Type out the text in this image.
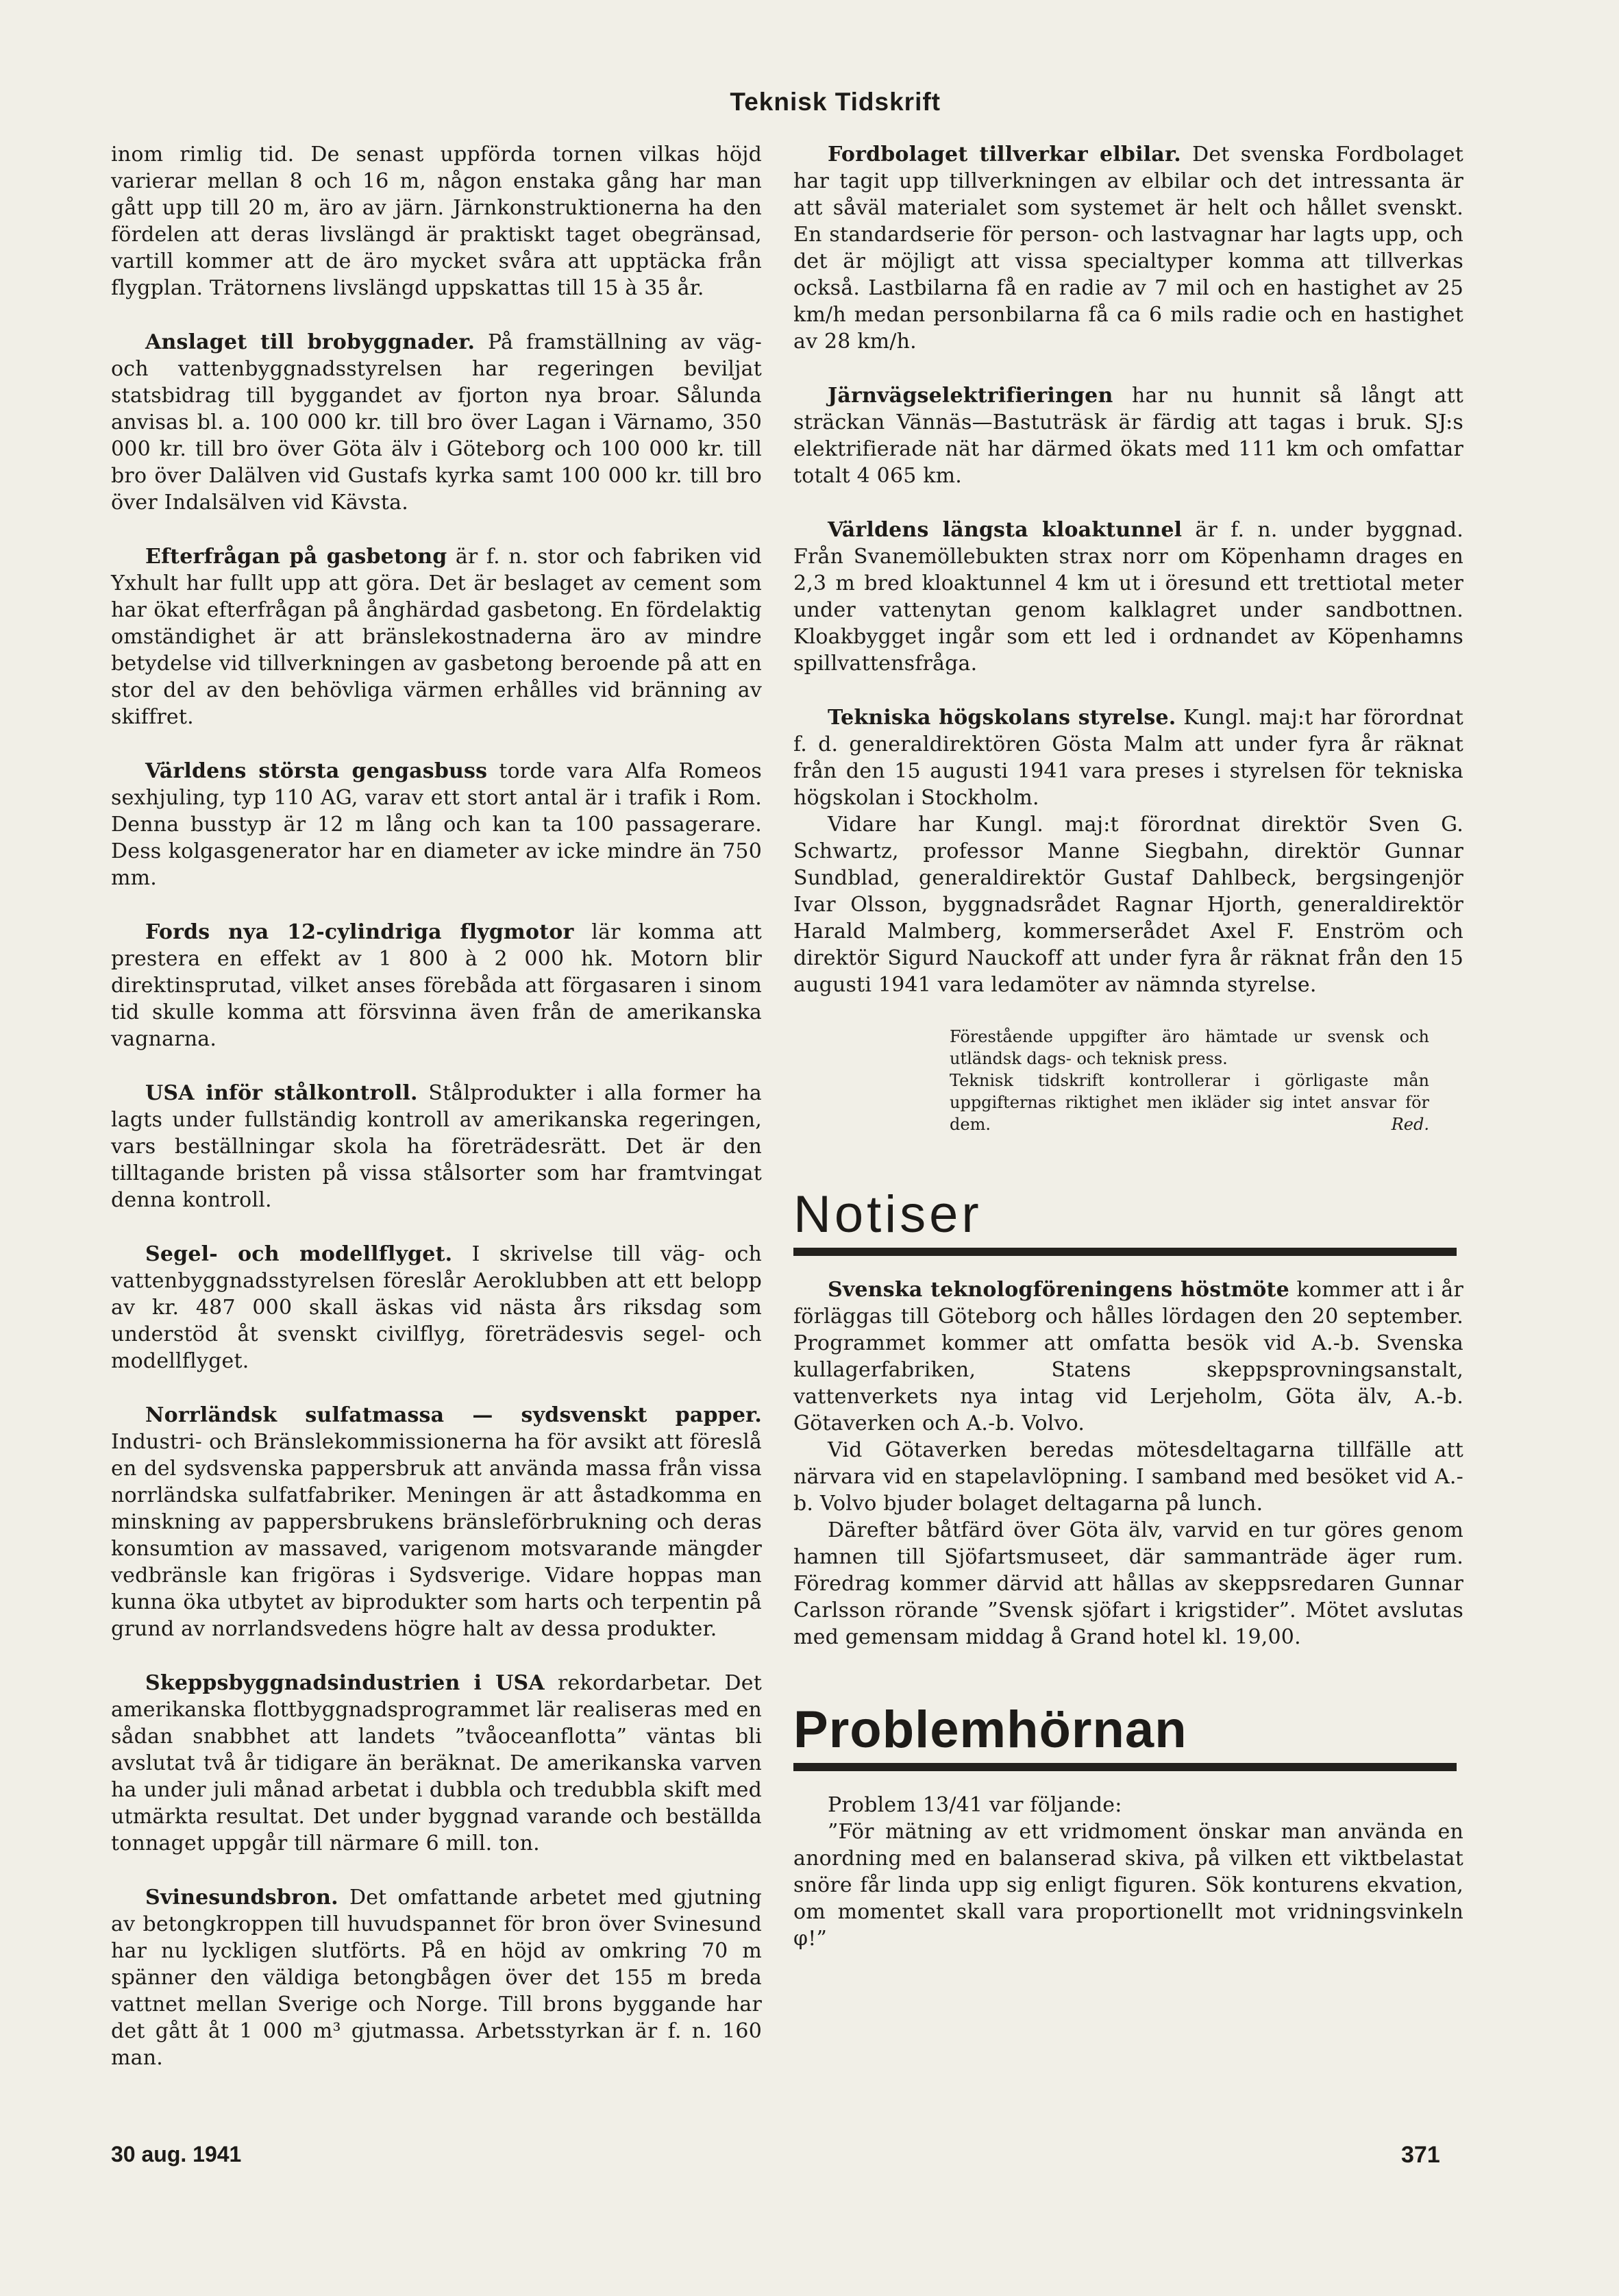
Teknisk Tidskrift

inom rimlig tid. De senast uppförda tornen vilkas höjd varierar mellan 8 och 16 m, någon enstaka gång har man gått upp till 20 m, äro av järn. Järnkonstruktionerna ha den fördelen att deras livslängd är praktiskt taget obegränsad, vartill kommer att de äro mycket svåra att upptäcka från flygplan. Trätornens livslängd uppskattas till 15 à 35 år.

Anslaget till brobyggnader. På framställning av väg- och vattenbyggnadsstyrelsen har regeringen beviljat statsbidrag till byggandet av fjorton nya broar. Sålunda anvisas bl. a. 100 000 kr. till bro över Lagan i Värnamo, 350 000 kr. till bro över Göta älv i Göteborg och 100 000 kr. till bro över Dalälven vid Gustafs kyrka samt 100 000 kr. till bro över Indalsälven vid Kävsta.

Efterfrågan på gasbetong är f. n. stor och fabriken vid Yxhult har fullt upp att göra. Det är beslaget av cement som har ökat efterfrågan på ånghärdad gasbetong. En fördelaktig omständighet är att bränslekostnaderna äro av mindre betydelse vid tillverkningen av gasbetong beroende på att en stor del av den behövliga värmen erhålles vid bränning av skiffret.

Världens största gengasbuss torde vara Alfa Romeos sexhjuling, typ 110 AG, varav ett stort antal är i trafik i Rom. Denna busstyp är 12 m lång och kan ta 100 passagerare. Dess kolgasgenerator har en diameter av icke mindre än 750 mm.

Fords nya 12-cylindriga flygmotor lär komma att prestera en effekt av 1 800 à 2 000 hk. Motorn blir direktinsprutad, vilket anses förebåda att förgasaren i sinom tid skulle komma att försvinna även från de amerikanska vagnarna.

USA inför stålkontroll. Stålprodukter i alla former ha lagts under fullständig kontroll av amerikanska regeringen, vars beställningar skola ha företrädesrätt. Det är den tilltagande bristen på vissa stålsorter som har framtvingat denna kontroll.

Segel- och modellflyget. I skrivelse till väg- och vattenbyggnadsstyrelsen föreslår Aeroklubben att ett belopp av kr. 487 000 skall äskas vid nästa års riksdag som understöd åt svenskt civilflyg, företrädesvis segel- och modellflyget.

Norrländsk sulfatmassa — sydsvenskt papper. Industri- och Bränslekommissionerna ha för avsikt att föreslå en del sydsvenska pappersbruk att använda massa från vissa norrländska sulfatfabriker. Meningen är att åstadkomma en minskning av pappersbrukens bränsleförbrukning och deras konsumtion av massaved, varigenom motsvarande mängder vedbränsle kan frigöras i Sydsverige. Vidare hoppas man kunna öka utbytet av biprodukter som harts och terpentin på grund av norrlandsvedens högre halt av dessa produkter.

Skeppsbyggnadsindustrien i USA rekordarbetar. Det amerikanska flottbyggnadsprogrammet lär realiseras med en sådan snabbhet att landets ”tvåoceanflotta” väntas bli avslutat två år tidigare än beräknat. De amerikanska varven ha under juli månad arbetat i dubbla och tredubbla skift med utmärkta resultat. Det under byggnad varande och beställda tonnaget uppgår till närmare 6 mill. ton.

Svinesundsbron. Det omfattande arbetet med gjutning av betongkroppen till huvudspannet för bron över Svinesund har nu lyckligen slutförts. På en höjd av omkring 70 m spänner den väldiga betongbågen över det 155 m breda vattnet mellan Sverige och Norge. Till brons byggande har det gått åt 1 000 m³ gjutmassa. Arbetsstyrkan är f. n. 160 man.

Fordbolaget tillverkar elbilar. Det svenska Fordbolaget har tagit upp tillverkningen av elbilar och det intressanta är att såväl materialet som systemet är helt och hållet svenskt. En standardserie för person- och lastvagnar har lagts upp, och det är möjligt att vissa specialtyper komma att tillverkas också. Lastbilarna få en radie av 7 mil och en hastighet av 25 km/h medan personbilarna få ca 6 mils radie och en hastighet av 28 km/h.

Järnvägselektrifieringen har nu hunnit så långt att sträckan Vännäs—Bastuträsk är färdig att tagas i bruk. SJ:s elektrifierade nät har därmed ökats med 111 km och omfattar totalt 4 065 km.

Världens längsta kloaktunnel är f. n. under byggnad. Från Svanemöllebukten strax norr om Köpenhamn drages en 2,3 m bred kloaktunnel 4 km ut i öresund ett trettiotal meter under vattenytan genom kalklagret under sandbottnen. Kloakbygget ingår som ett led i ordnandet av Köpenhamns spillvattensfråga.

Tekniska högskolans styrelse. Kungl. maj:t har förordnat f. d. generaldirektören Gösta Malm att under fyra år räknat från den 15 augusti 1941 vara preses i styrelsen för tekniska högskolan i Stockholm.

Vidare har Kungl. maj:t förordnat direktör Sven G. Schwartz, professor Manne Siegbahn, direktör Gunnar Sundblad, generaldirektör Gustaf Dahlbeck, bergsingenjör Ivar Olsson, byggnadsrådet Ragnar Hjorth, generaldirektör Harald Malmberg, kommerserådet Axel F. Enström och direktör Sigurd Nauckoff att under fyra år räknat från den 15 augusti 1941 vara ledamöter av nämnda styrelse.

Förestående uppgifter äro hämtade ur svensk och utländsk dags- och teknisk press.

Teknisk tidskrift kontrollerar i görligaste mån uppgifternas riktighet men ikläder sig intet ansvar för dem.	Red.

Notiser

Svenska teknologföreningens höstmöte kommer att i år förläggas till Göteborg och hålles lördagen den 20 september. Programmet kommer att omfatta besök vid A.-b. Svenska kullagerfabriken, Statens skeppsprovningsanstalt, vattenverkets nya intag vid Lerjeholm, Göta älv, A.-b. Götaverken och A.-b. Volvo.

Vid Götaverken beredas mötesdeltagarna tillfälle att närvara vid en stapelavlöpning. I samband med besöket vid A.-b. Volvo bjuder bolaget deltagarna på lunch.

Därefter båtfärd över Göta älv, varvid en tur göres genom hamnen till Sjöfartsmuseet, där sammanträde äger rum. Föredrag kommer därvid att hållas av skeppsredaren Gunnar Carlsson rörande ”Svensk sjöfart i krigstider”. Mötet avslutas med gemensam middag å Grand hotel kl. 19,00.

Problemhörnan

Problem 13/41 var följande:

”För mätning av ett vridmoment önskar man använda en anordning med en balanserad skiva, på vilken ett viktbelastat snöre får linda upp sig enligt figuren. Sök konturens ekvation, om momentet skall vara proportionellt mot vridningsvinkeln φ!”

30 aug. 1941	371
